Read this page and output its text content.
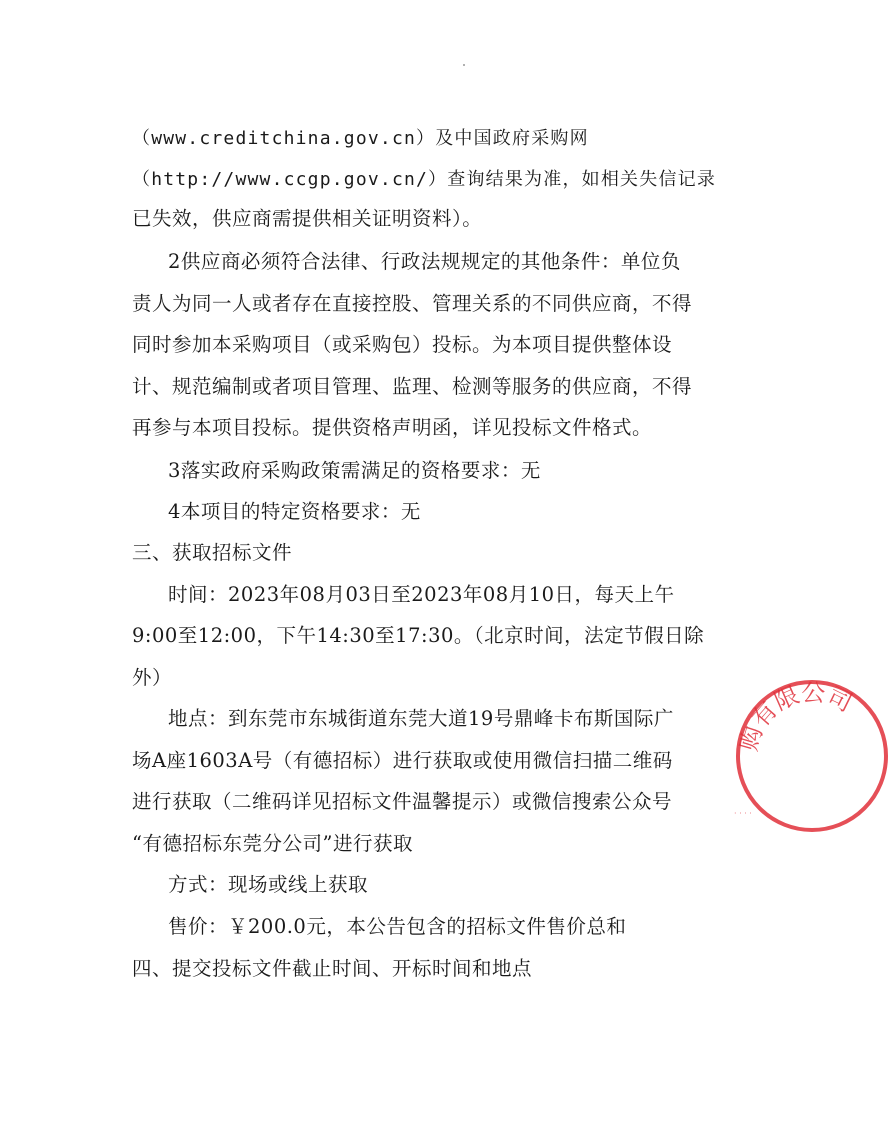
（www.creditchina.gov.cn）及中国政府采购网
（http://www.ccgp.gov.cn/）查询结果为准，如相关失信记录
已失效，供应商需提供相关证明资料）。
2供应商必须符合法律、行政法规规定的其他条件：单位负
责人为同一人或者存在直接控股、管理关系的不同供应商，不得
同时参加本采购项目（或采购包）投标。为本项目提供整体设
计、规范编制或者项目管理、监理、检测等服务的供应商，不得
再参与本项目投标。提供资格声明函，详见投标文件格式。
3落实政府采购政策需满足的资格要求：无
4本项目的特定资格要求：无
三、获取招标文件
时间：2023年08月03日至2023年08月10日，每天上午
9:00至12:00，下午14:30至17:30。（北京时间，法定节假日除
外）
地点：到东莞市东城街道东莞大道19号鼎峰卡布斯国际广
场A座1603A号（有德招标）进行获取或使用微信扫描二维码
进行获取（二维码详见招标文件温馨提示）或微信搜索公众号
“有德招标东莞分公司”进行获取
方式：现场或线上获取
售价：￥200.0元，本公告包含的招标文件售价总和
四、提交投标文件截止时间、开标时间和地点
购有限公司
· · · ·
